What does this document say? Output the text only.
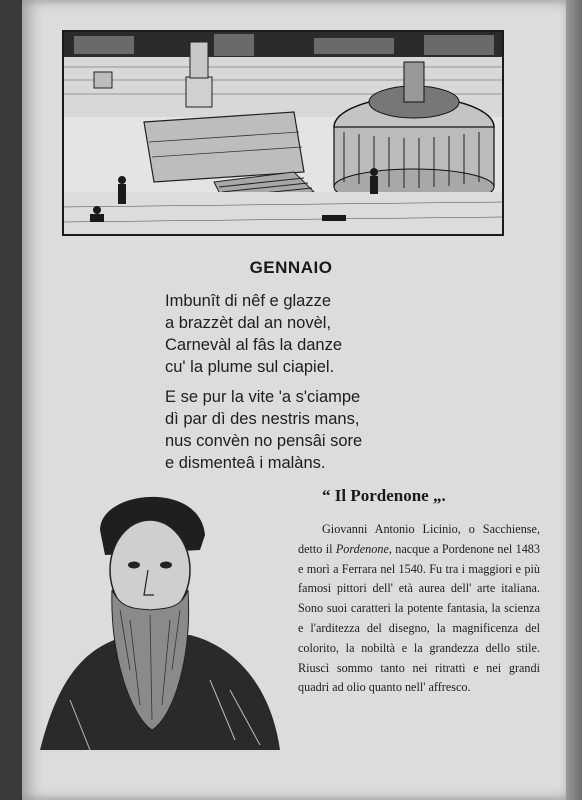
GENNAIO
Imbunît di nêf e glazze
a brazzèt dal an novèl,
Carnevàl al fâs la danze
cu' la plume sul ciapiel.
E se pur la vite 'a s'ciampe
dì par dì des nestris mans,
nus convèn no pensâi sore
e dismenteâ i malàns.
“ Il Pordenone „.
Giovanni Antonio Licinio, o Sacchiense, detto il Pordenone, nacque a Pordenone nel 1483 e morì a Ferrara nel 1540. Fu tra i maggiori e più famosi pittori dell' età aurea dell' arte italiana. Sono suoi caratteri la potente fantasia, la scienza e l'arditezza del disegno, la magnificenza del colorito, la nobiltà e la grandezza dello stile. Riuscì sommo tanto nei ritratti e nei grandi quadri ad olio quanto nell' affresco.
